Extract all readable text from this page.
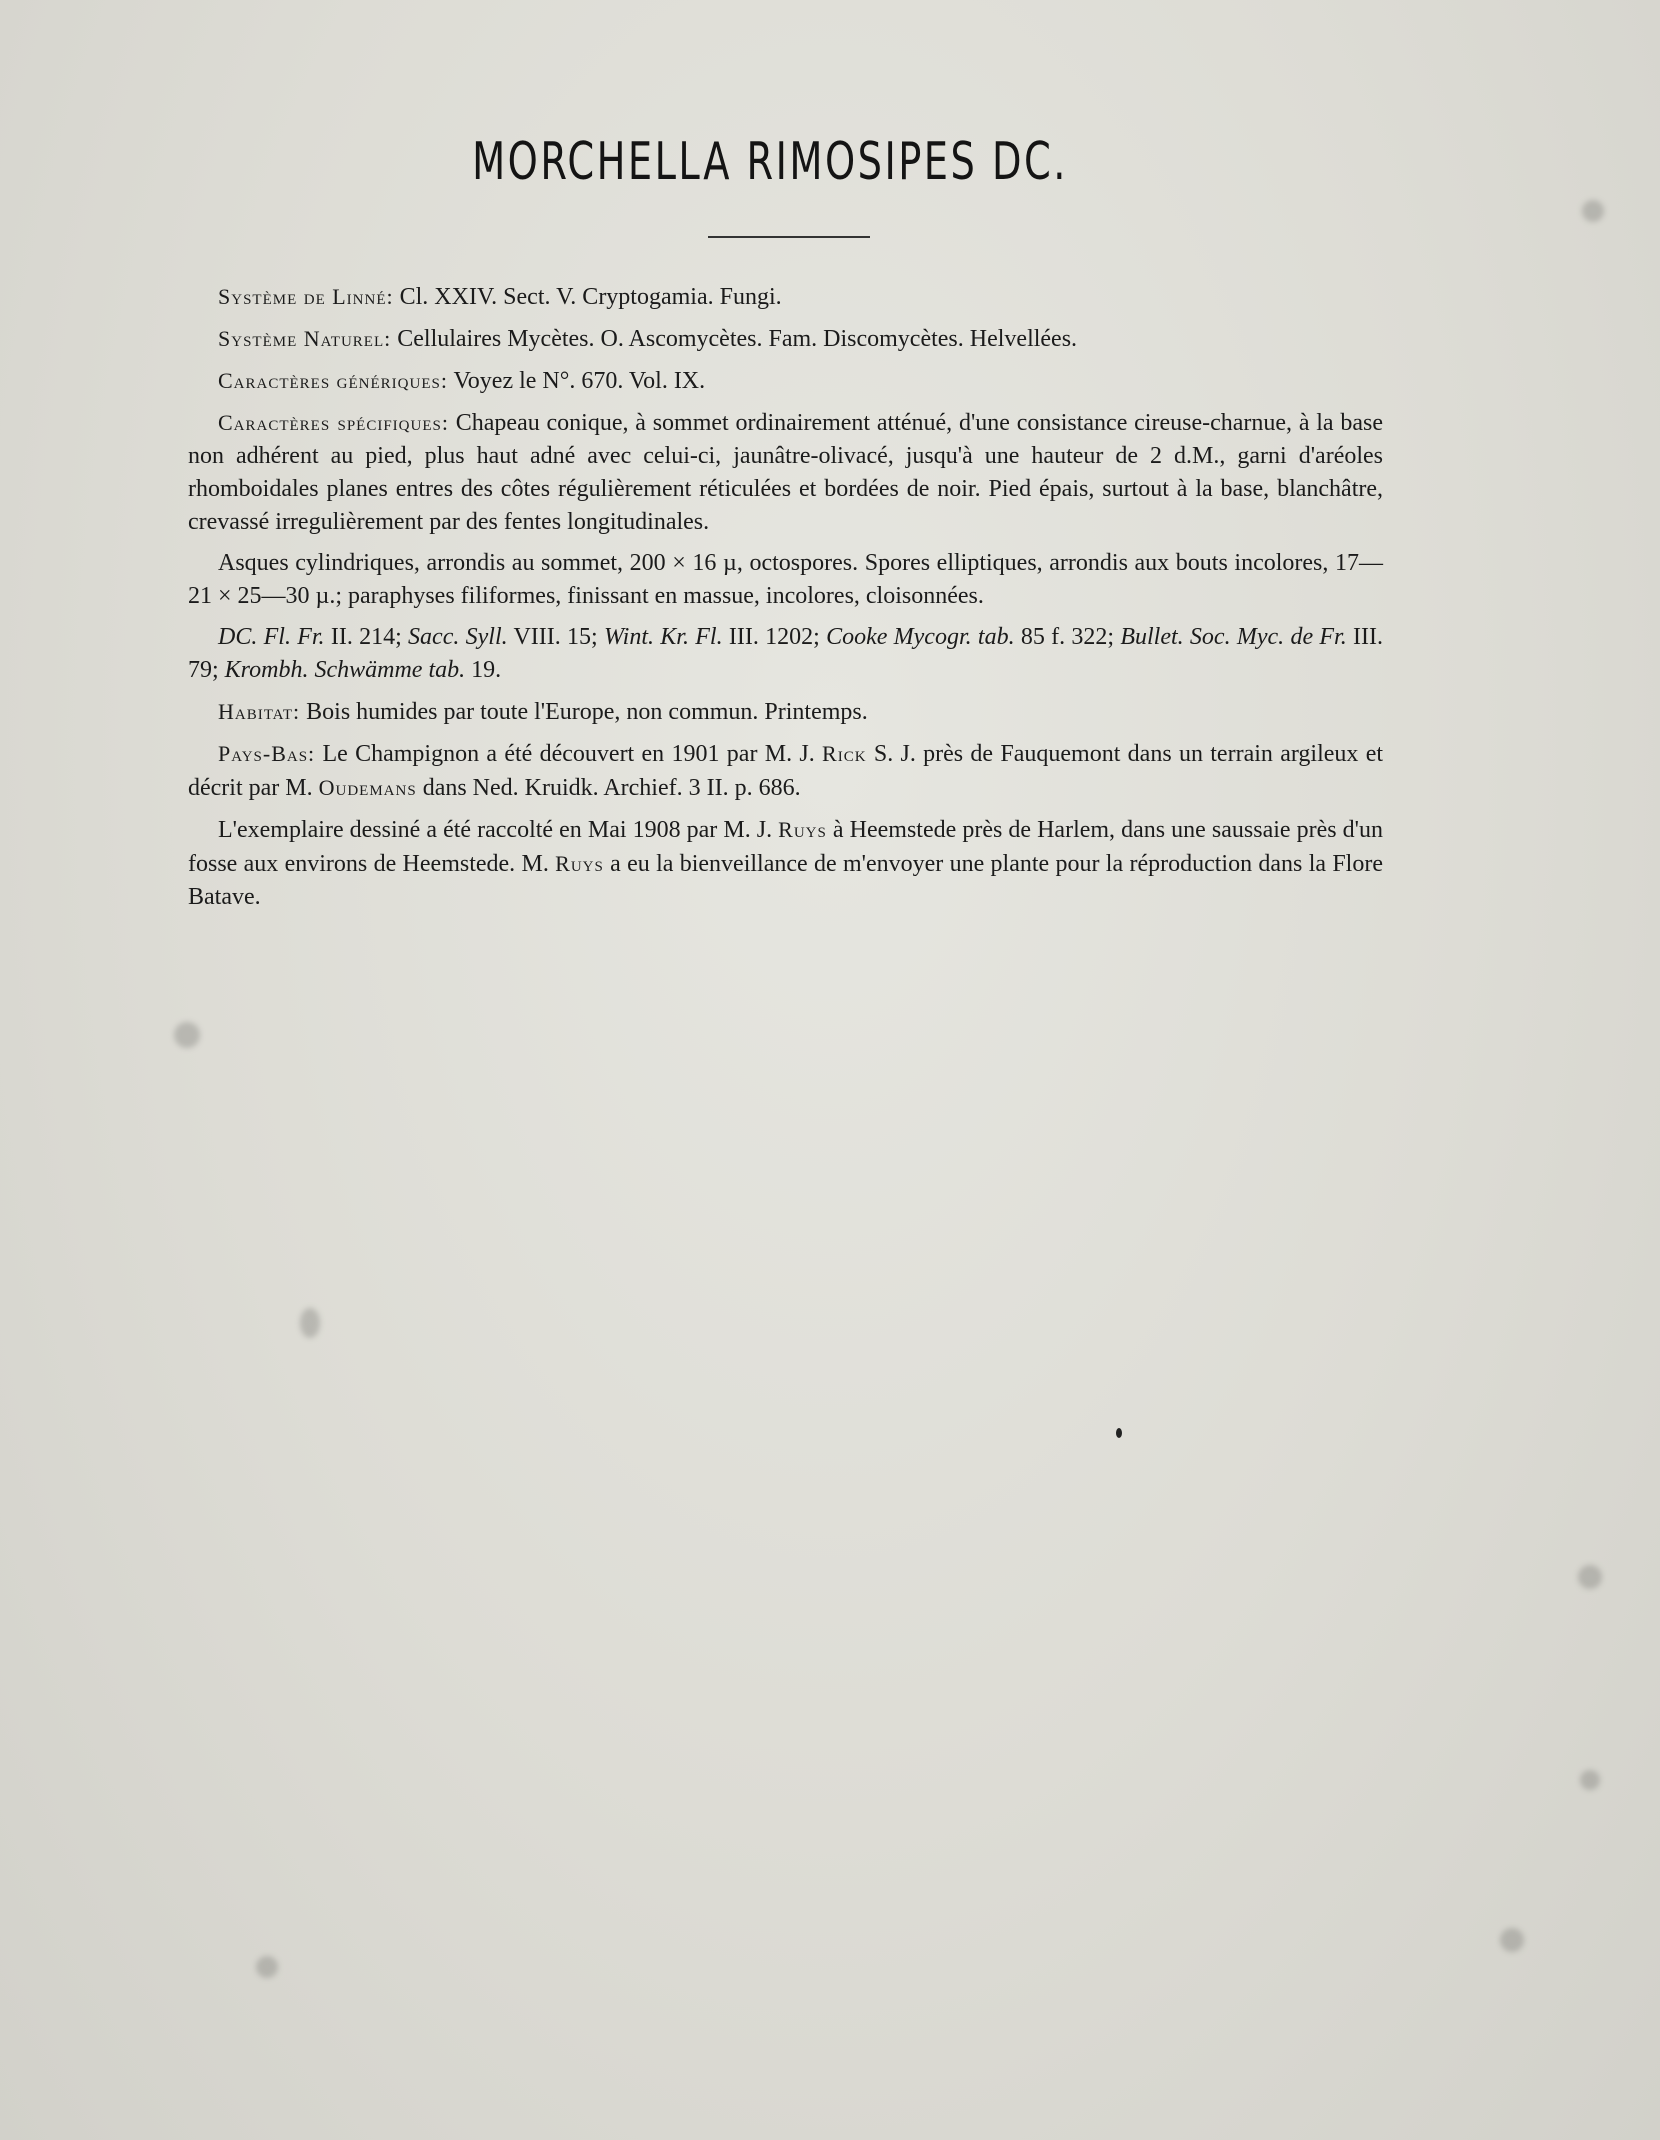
MORCHELLA RIMOSIPES DC.

Système de Linné: Cl. XXIV. Sect. V. Cryptogamia. Fungi.

Système Naturel: Cellulaires Mycètes. O. Ascomycètes. Fam. Discomycètes. Helvellées.

Caractères génériques: Voyez le N°. 670. Vol. IX.

Caractères spécifiques: Chapeau conique, à sommet ordinairement atténué, d'une consistance cireuse-charnue, à la base non adhérent au pied, plus haut adné avec celui-ci, jaunâtre-olivacé, jusqu'à une hauteur de 2 d.M., garni d'aréoles rhomboidales planes entres des côtes régulièrement réticulées et bordées de noir. Pied épais, surtout à la base, blanchâtre, crevassé irregulièrement par des fentes longitudinales.

Asques cylindriques, arrondis au sommet, 200 × 16 µ, octospores. Spores elliptiques, arrondis aux bouts incolores, 17—21 × 25—30 µ.; paraphyses filiformes, finissant en massue, incolores, cloisonnées.

DC. Fl. Fr. II. 214; Sacc. Syll. VIII. 15; Wint. Kr. Fl. III. 1202; Cooke Mycogr. tab. 85 f. 322; Bullet. Soc. Myc. de Fr. III. 79; Krombh. Schwämme tab. 19.

Habitat: Bois humides par toute l'Europe, non commun. Printemps.

Pays-Bas: Le Champignon a été découvert en 1901 par M. J. Rick S. J. près de Fauquemont dans un terrain argileux et décrit par M. Oudemans dans Ned. Kruidk. Archief. 3 II. p. 686.

L'exemplaire dessiné a été raccolté en Mai 1908 par M. J. Ruys à Heemstede près de Harlem, dans une saussaie près d'un fosse aux environs de Heemstede. M. Ruys a eu la bienveillance de m'envoyer une plante pour la réproduction dans la Flore Batave.
